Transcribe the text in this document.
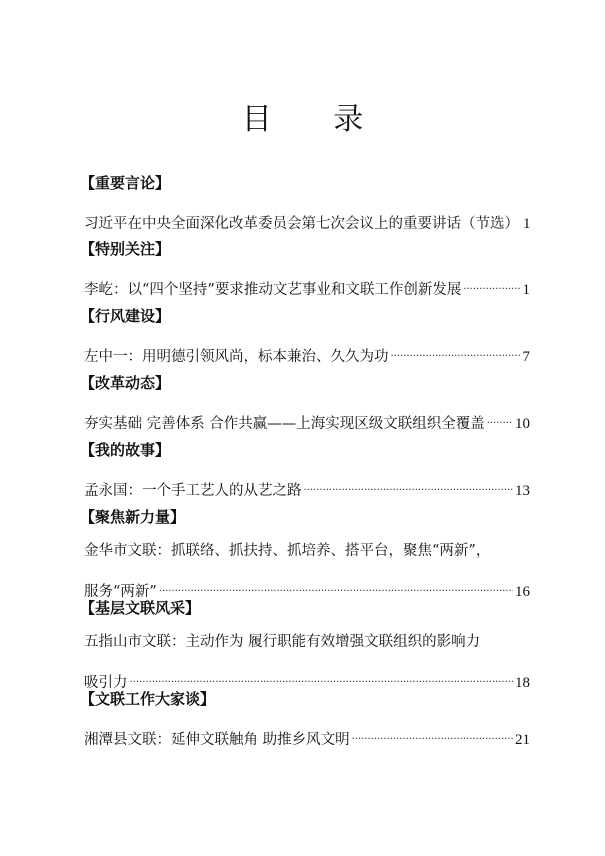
目 录
【重要言论】
习近平在中央全面深化改革委员会第七次会议上的重要讲话（节选） 1
【特别关注】
李屹：以“四个坚持”要求推动文艺事业和文联工作创新发展 .....	1
【行风建设】
左中一：用明德引领风尚，标本兼治、久久为功 .....	7
【改革动态】
夯实基础 完善体系 合作共赢——上海实现区级文联组织全覆盖 ..... 10
【我的故事】
孟永国：一个手工艺人的从艺之路 .....	13
【聚焦新力量】
金华市文联：抓联络、抓扶持、抓培养、搭平台，聚焦“两新”，
服务“两新” .....	16
【基层文联风采】
五指山市文联：主动作为 履行职能有效增强文联组织的影响力
吸引力 .....	18
【文联工作大家谈】
湘潭县文联：延伸文联触角 助推乡风文明 .....	21
